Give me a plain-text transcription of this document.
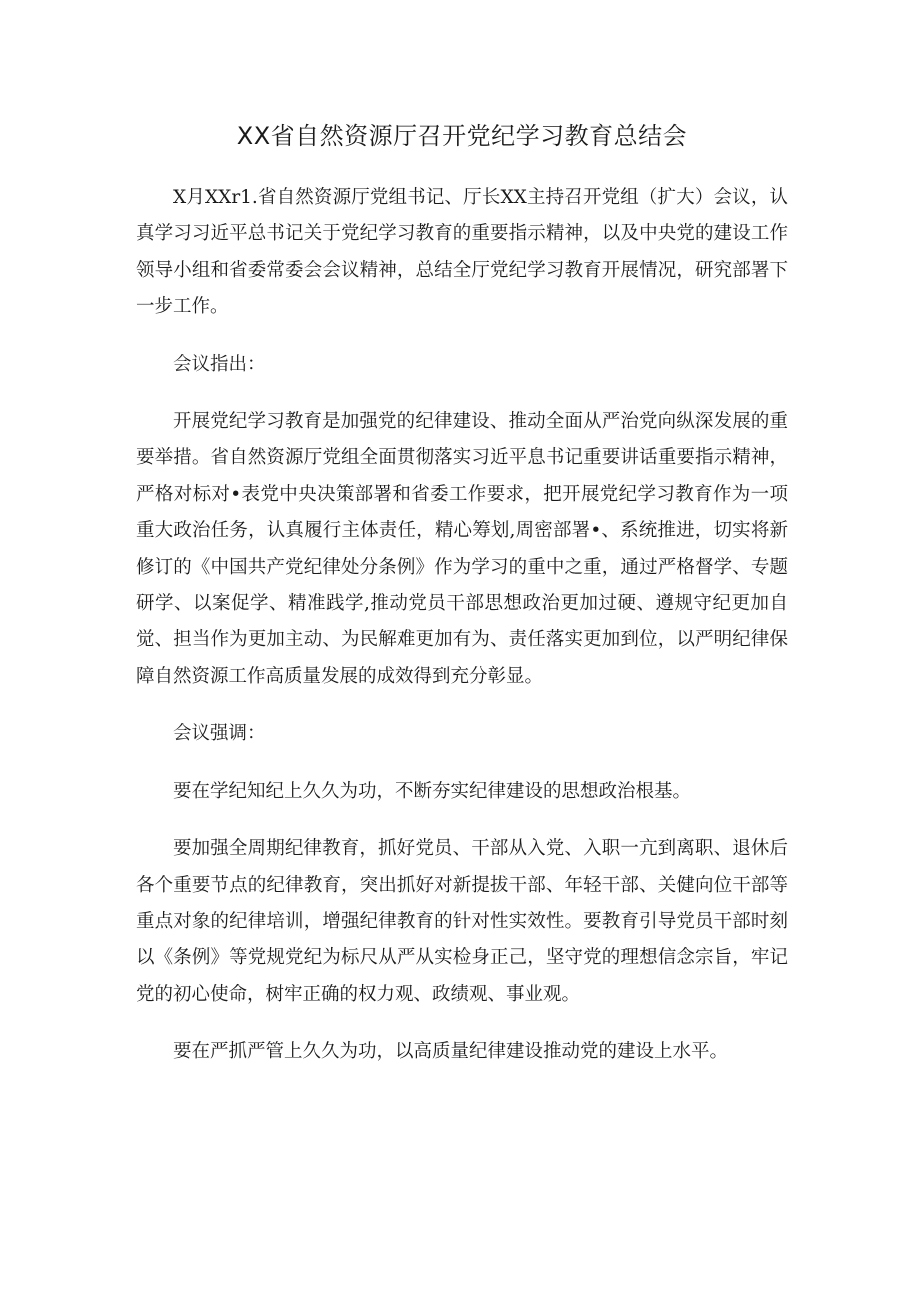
XX省自然资源厅召开党纪学习教育总结会

X月XXr1.省自然资源厅党组书记、厅长XX主持召开党组（扩大）会议，认真学习习近平总书记关于党纪学习教育的重要指示精神，以及中央党的建设工作领导小组和省委常委会会议精神，总结全厅党纪学习教育开展情况，研究部署下一步工作。

会议指出：

开展党纪学习教育是加强党的纪律建设、推动全面从严治党向纵深发展的重要举措。省自然资源厅党组全面贯彻落实习近平息书记重要讲话重要指示精神，严格对标对•表党中央决策部署和省委工作要求，把开展党纪学习教育作为一项重大政治任务，认真履行主体责任，精心筹划,周密部署•、系统推进，切实将新修订的《中国共产党纪律处分条例》作为学习的重中之重，通过严格督学、专题研学、以案促学、精准践学,推动党员干部思想政治更加过硬、遵规守纪更加自觉、担当作为更加主动、为民解难更加有为、责任落实更加到位，以严明纪律保障自然资源工作高质量发展的成效得到充分彰显。

会议强调：

要在学纪知纪上久久为功，不断夯实纪律建设的思想政治根基。

要加强全周期纪律教育，抓好党员、干部从入党、入职一亢到离职、退休后各个重要节点的纪律教育，突出抓好对新提拔干部、年轻干部、关健向位干部等重点对象的纪律培训，增强纪律教育的针对性实效性。要教育引导党员干部时刻以《条例》等党规党纪为标尺从严从实检身正己，坚守党的理想信念宗旨，牢记党的初心使命，树牢正确的权力观、政绩观、事业观。

要在严抓严管上久久为功，以高质量纪律建设推动党的建设上水平。
